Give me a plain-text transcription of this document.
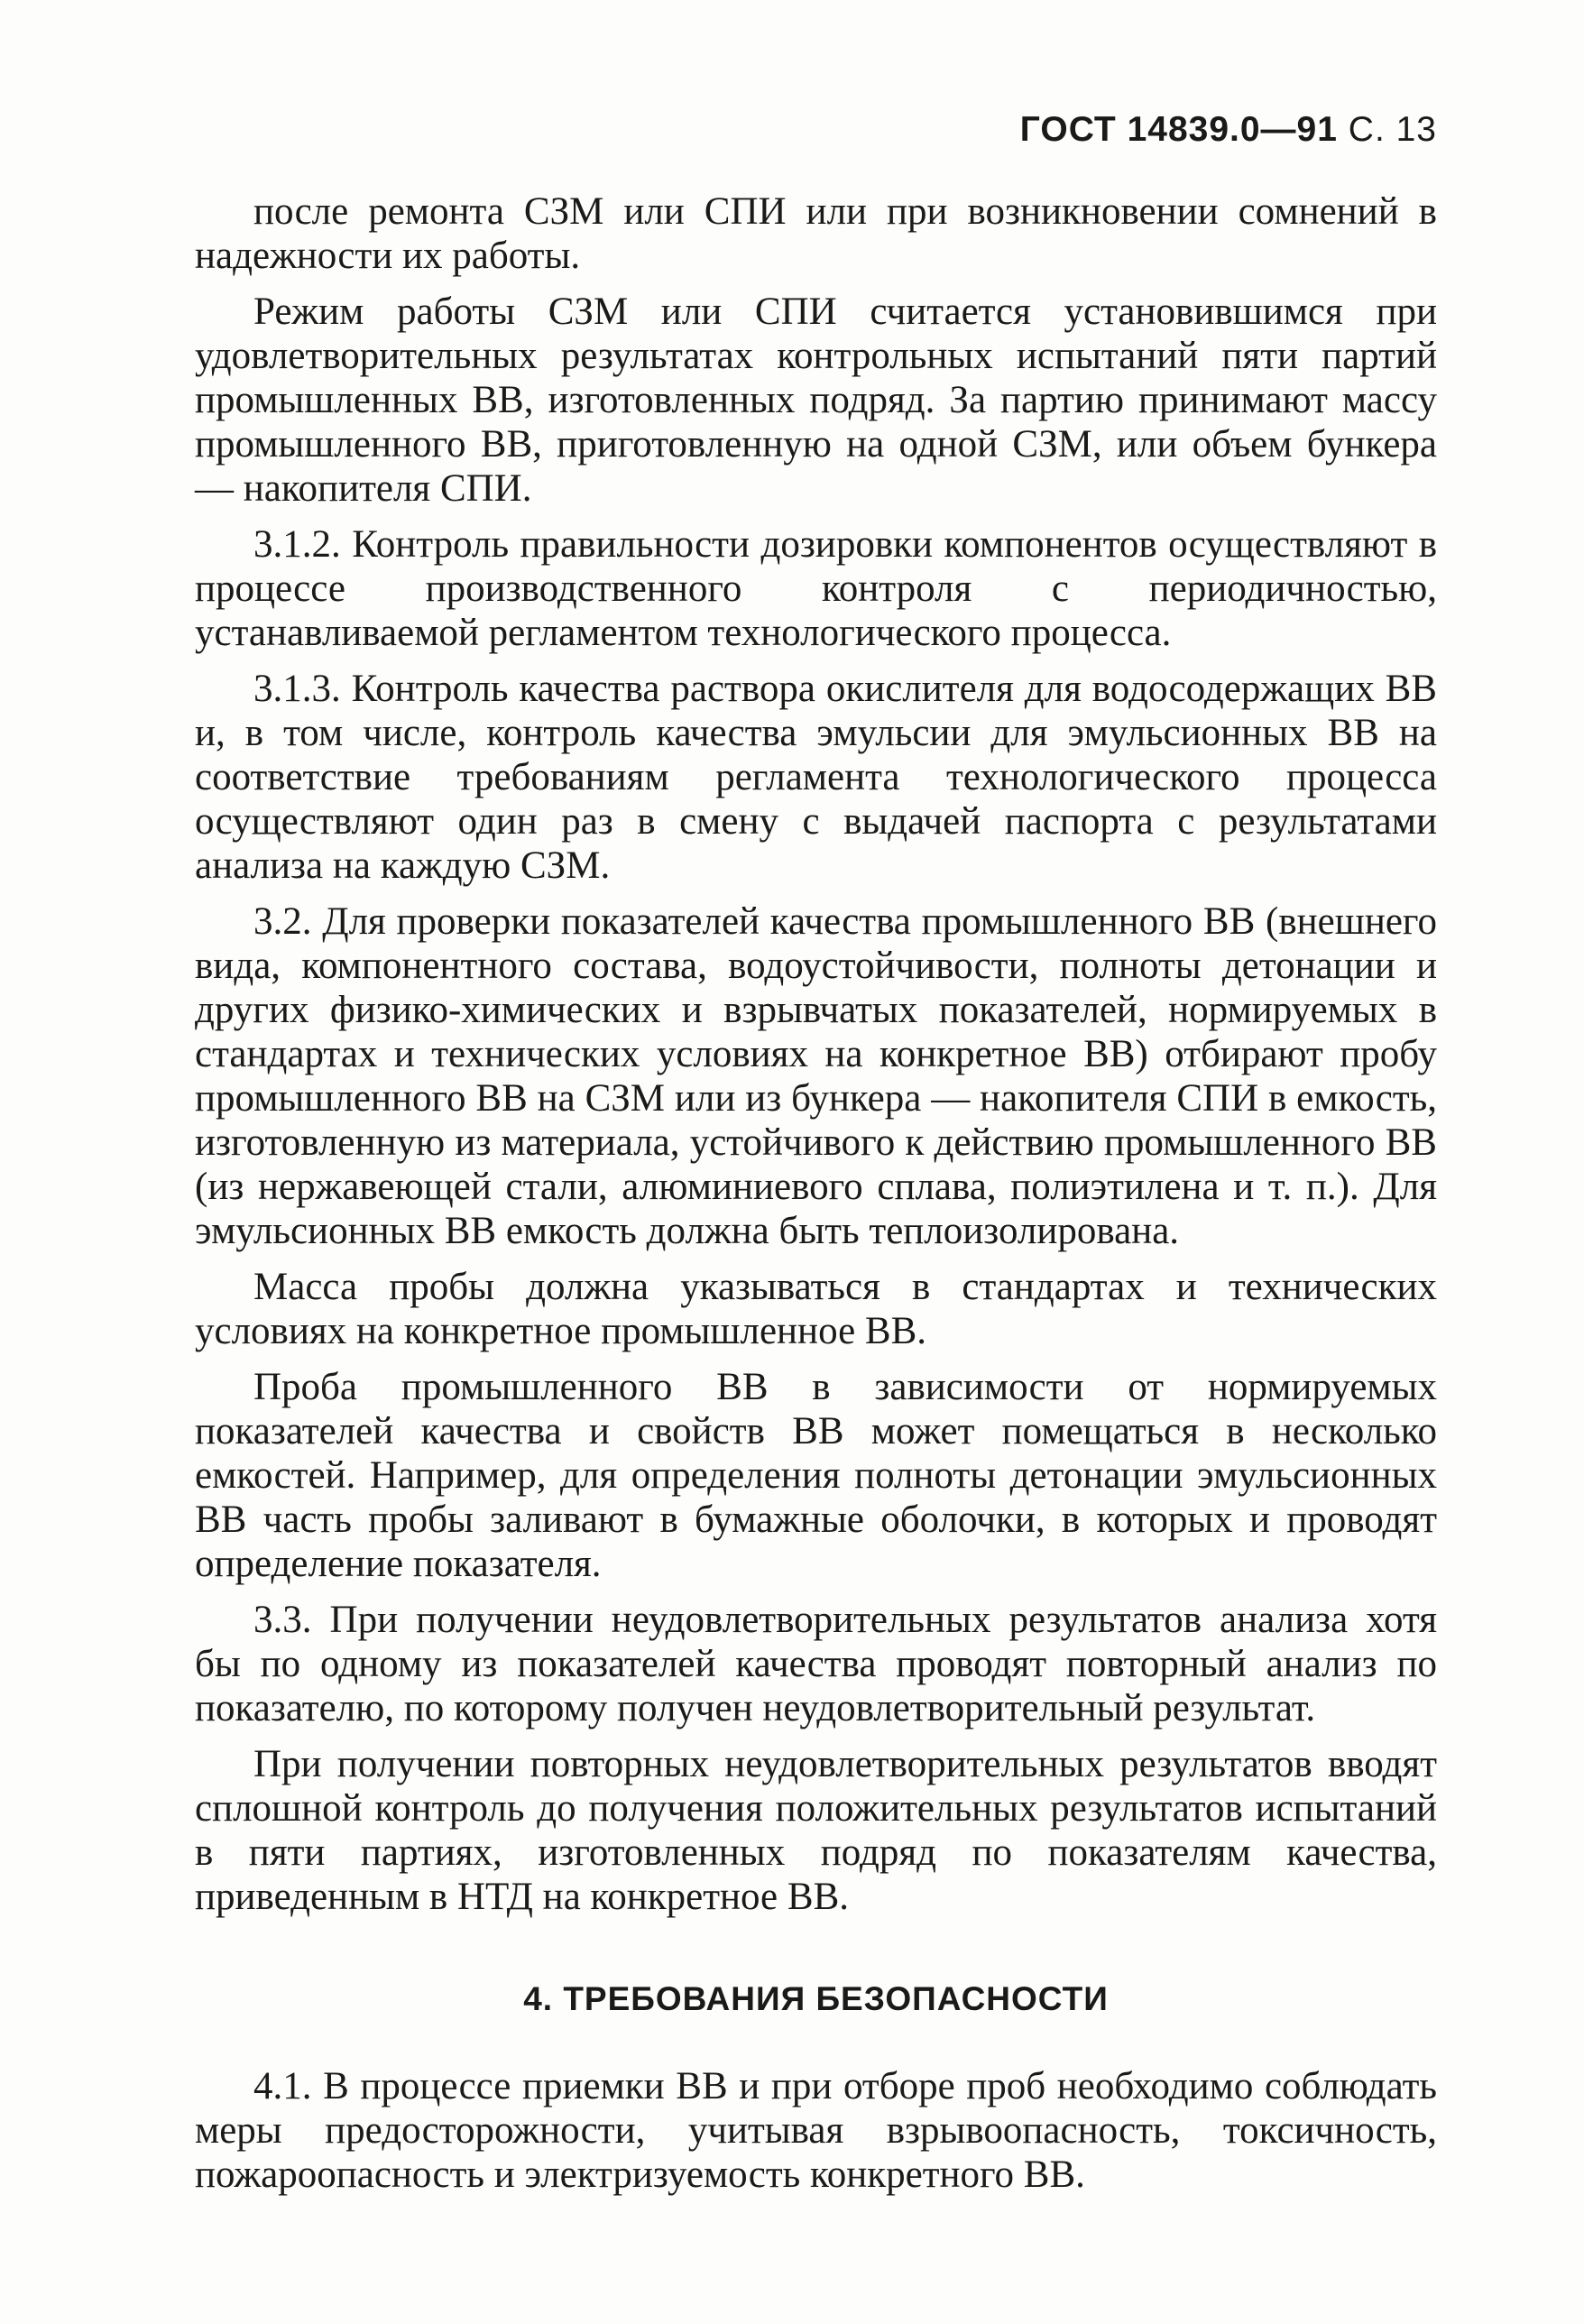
ГОСТ 14839.0—91 С. 13

после ремонта СЗМ или СПИ или при возникновении сомнений в надежности их работы.

Режим работы СЗМ или СПИ считается установившимся при удовлетворительных результатах контрольных испытаний пяти партий промышленных ВВ, изготовленных подряд. За партию принимают массу промышленного ВВ, приготовленную на одной СЗМ, или объем бункера — накопителя СПИ.

3.1.2. Контроль правильности дозировки компонентов осуществляют в процессе производственного контроля с периодичностью, устанавливаемой регламентом технологического процесса.

3.1.3. Контроль качества раствора окислителя для водосодержащих ВВ и, в том числе, контроль качества эмульсии для эмульсионных ВВ на соответствие требованиям регламента технологического процесса осуществляют один раз в смену с выдачей паспорта с результатами анализа на каждую СЗМ.

3.2. Для проверки показателей качества промышленного ВВ (внешнего вида, компонентного состава, водоустойчивости, полноты детонации и других физико-химических и взрывчатых показателей, нормируемых в стандартах и технических условиях на конкретное ВВ) отбирают пробу промышленного ВВ на СЗМ или из бункера — накопителя СПИ в емкость, изготовленную из материала, устойчивого к действию промышленного ВВ (из нержавеющей стали, алюминиевого сплава, полиэтилена и т. п.). Для эмульсионных ВВ емкость должна быть теплоизолирована.

Масса пробы должна указываться в стандартах и технических условиях на конкретное промышленное ВВ.

Проба промышленного ВВ в зависимости от нормируемых показателей качества и свойств ВВ может помещаться в несколько емкостей. Например, для определения полноты детонации эмульсионных ВВ часть пробы заливают в бумажные оболочки, в которых и проводят определение показателя.

3.3. При получении неудовлетворительных результатов анализа хотя бы по одному из показателей качества проводят повторный анализ по показателю, по которому получен неудовлетворительный результат.

При получении повторных неудовлетворительных результатов вводят сплошной контроль до получения положительных результатов испытаний в пяти партиях, изготовленных подряд по показателям качества, приведенным в НТД на конкретное ВВ.

4. ТРЕБОВАНИЯ БЕЗОПАСНОСТИ

4.1. В процессе приемки ВВ и при отборе проб необходимо соблюдать меры предосторожности, учитывая взрывоопасность, токсичность, пожароопасность и электризуемость конкретного ВВ.
